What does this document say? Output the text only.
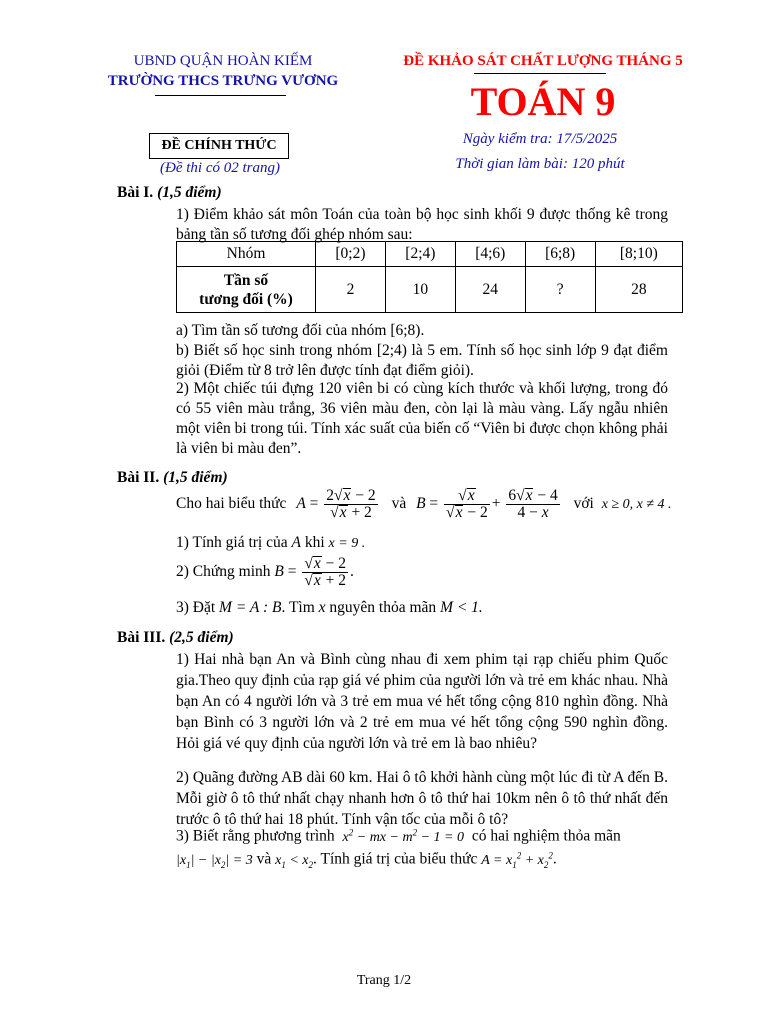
UBND QUẬN HOÀN KIẾM
TRƯỜNG THCS TRƯNG VƯƠNG
ĐỀ KHẢO SÁT CHẤT LƯỢNG THÁNG 5
TOÁN 9
ĐỀ CHÍNH THỨC
(Đề thi có 02 trang)
Ngày kiểm tra: 17/5/2025
Thời gian làm bài: 120 phút
Bài I. (1,5 điểm)
1) Điểm khảo sát môn Toán của toàn bộ học sinh khối 9 được thống kê trong bảng tần số tương đối ghép nhóm sau:
Nhóm	[0;2)	[2;4)	[4;6)	[6;8)	[8;10)

Tần số
tương đối (%)	2	10	24	?	28
a) Tìm tần số tương đối của nhóm [6;8).
b) Biết số học sinh trong nhóm [2;4) là 5 em. Tính số học sinh lớp 9 đạt điểm giỏi (Điểm từ 8 trở lên được tính đạt điểm giỏi).
2) Một chiếc túi đựng 120 viên bi có cùng kích thước và khối lượng, trong đó có 55 viên màu trắng, 36 viên màu đen, còn lại là màu vàng. Lấy ngẫu nhiên một viên bi trong túi. Tính xác suất của biến cố “Viên bi được chọn không phải là viên bi màu đen”.
Bài II. (1,5 điểm)
Cho hai biểu thức $A = \frac{2√x - 2}{√x + 2}$ và $B = \frac{√x}{√x - 2} + \frac{6√x - 4}{4 - x}$ với x ≥ 0, x ≠ 4 .
1) Tính giá trị của A khi x = 9 .
2) Chứng minh $B = \frac{√x - 2}{√x + 2}$ .
3) Đặt M = A : B. Tìm x nguyên thỏa mãn M < 1.
Bài III. (2,5 điểm)
1) Hai nhà bạn An và Bình cùng nhau đi xem phim tại rạp chiếu phim Quốc gia.Theo quy định của rạp giá vé phim của người lớn và trẻ em khác nhau. Nhà bạn An có 4 người lớn và 3 trẻ em mua vé hết tổng cộng 810 nghìn đồng. Nhà bạn Bình có 3 người lớn và 2 trẻ em mua vé hết tổng cộng 590 nghìn đồng. Hỏi giá vé quy định của người lớn và trẻ em là bao nhiêu?
2) Quãng đường AB dài 60 km. Hai ô tô khởi hành cùng một lúc đi từ A đến B. Mỗi giờ ô tô thứ nhất chạy nhanh hơn ô tô thứ hai 10km nên ô tô thứ nhất đến trước ô tô thứ hai 18 phút. Tính vận tốc của mỗi ô tô?
3) Biết rằng phương trình $x^2$ − mx − $m^2 - 1 = 0$ có hai nghiệm thỏa mãn
$|x_1| - |x_2| = 3$ và $x_1 < x_2$. Tính giá trị của biểu thức $A = x_1^2 + x_2^2$.
Trang 1/2
